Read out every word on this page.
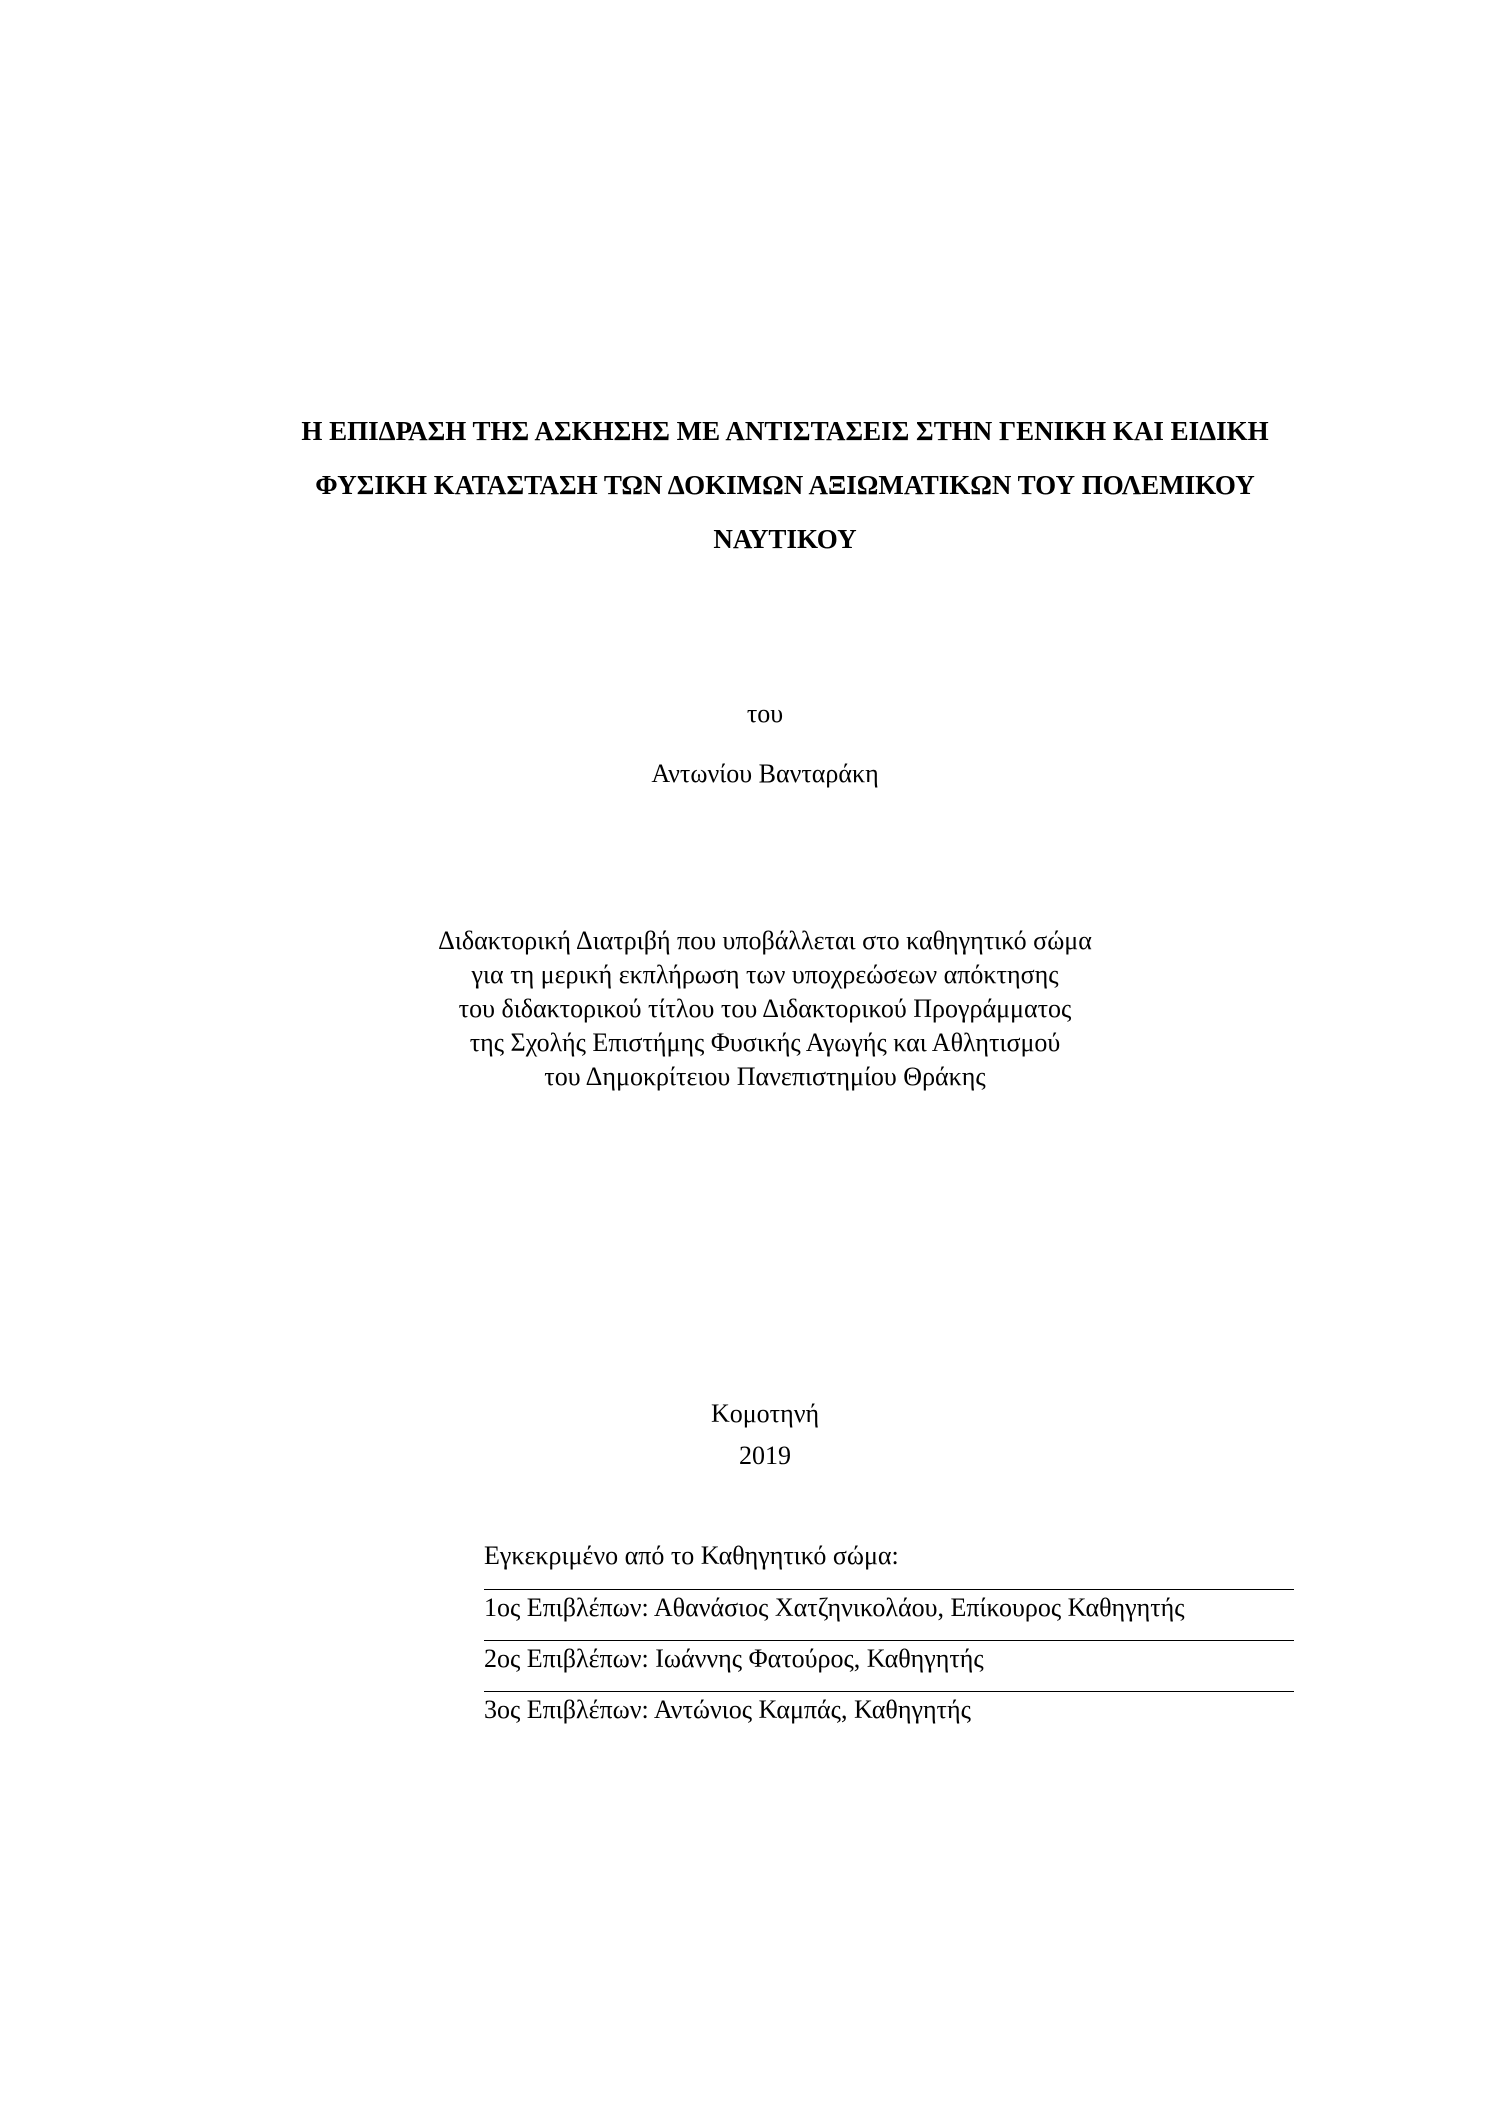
Η ΕΠΙΔΡΑΣΗ ΤΗΣ ΑΣΚΗΣΗΣ ΜΕ ΑΝΤΙΣΤΑΣΕΙΣ ΣΤΗΝ ΓΕΝΙΚΗ ΚΑΙ ΕΙΔΙΚΗ
ΦΥΣΙΚΗ ΚΑΤΑΣΤΑΣΗ ΤΩΝ ΔΟΚΙΜΩΝ ΑΞΙΩΜΑΤΙΚΩΝ ΤΟΥ ΠΟΛΕΜΙΚΟΥ
ΝΑΥΤΙΚΟΥ
του
Αντωνίου Βανταράκη
Διδακτορική Διατριβή που υποβάλλεται στο καθηγητικό σώμα
για τη μερική εκπλήρωση των υποχρεώσεων απόκτησης
του διδακτορικού τίτλου του Διδακτορικού Προγράμματος
της Σχολής Επιστήμης Φυσικής Αγωγής και Αθλητισμού
του Δημοκρίτειου Πανεπιστημίου Θράκης
Κομοτηνή
2019
Εγκεκριμένο από το Καθηγητικό σώμα:
1ος Επιβλέπων: Αθανάσιος Χατζηνικολάου, Επίκουρος Καθηγητής
2ος Επιβλέπων: Ιωάννης Φατούρος, Καθηγητής
3ος Επιβλέπων: Αντώνιος Καμπάς, Καθηγητής
